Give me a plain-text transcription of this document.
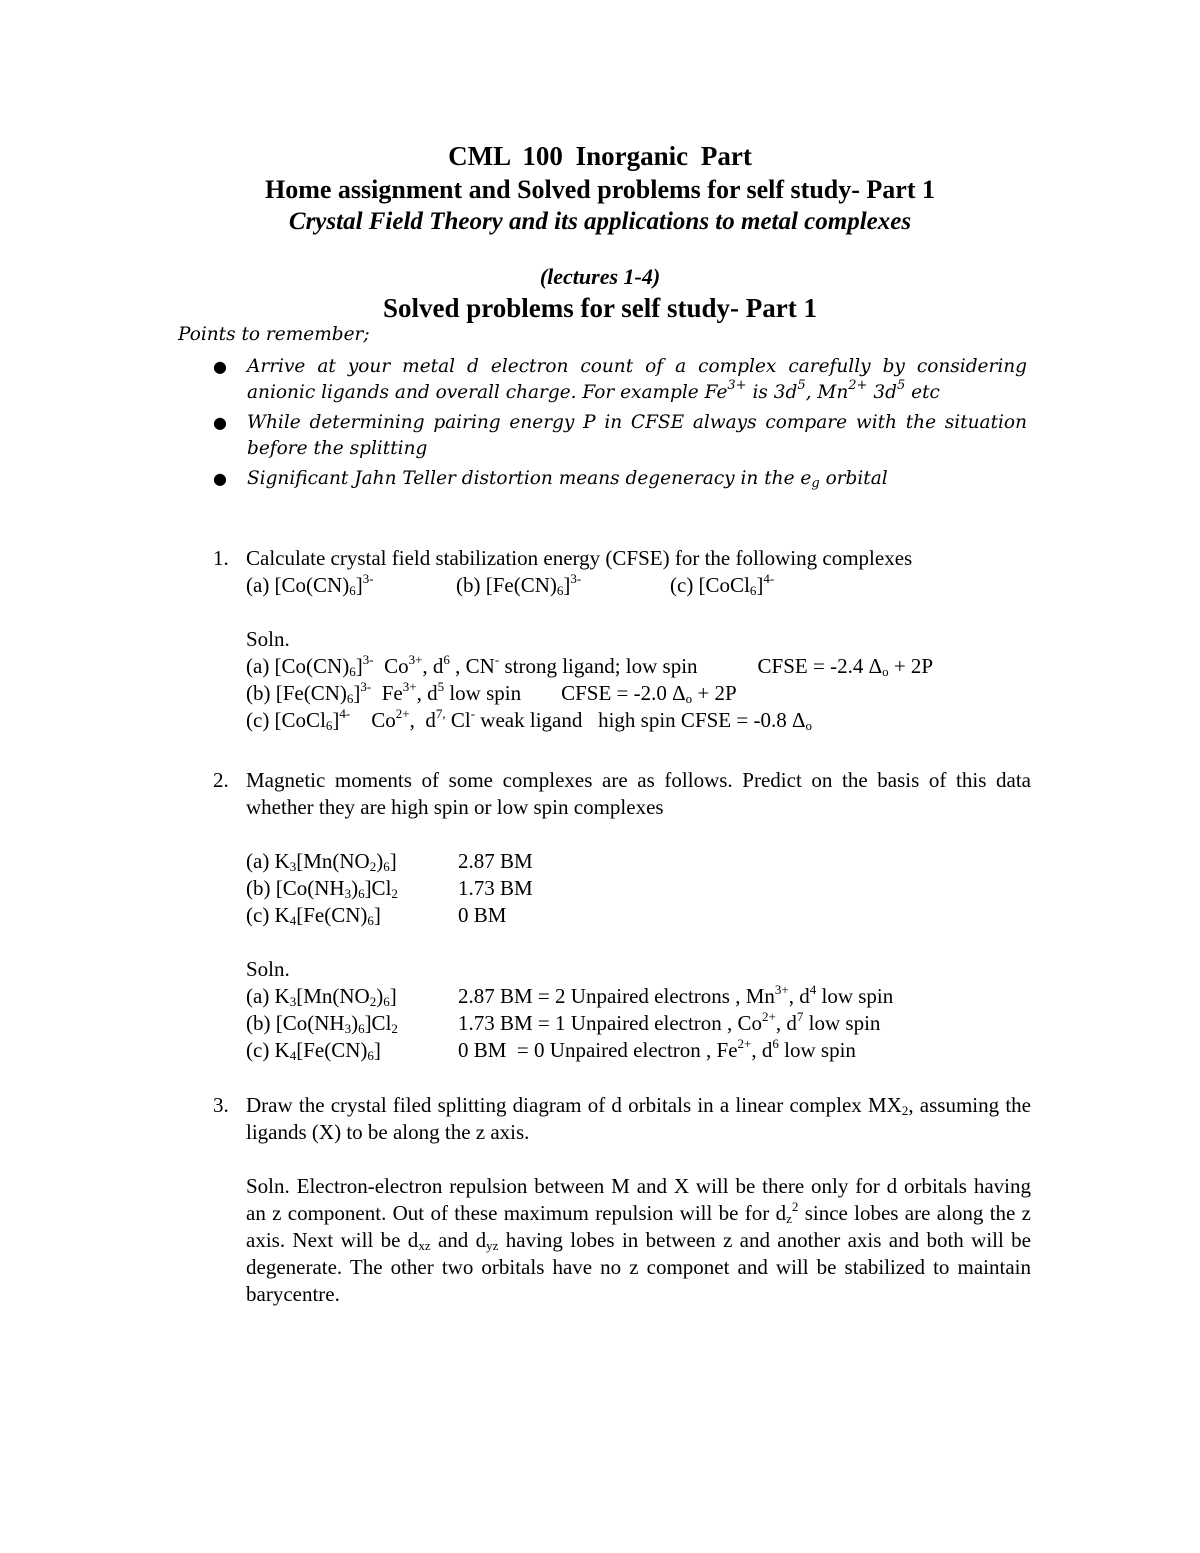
CML 100 Inorganic Part
Home assignment and Solved problems for self study- Part 1
Crystal Field Theory and its applications to metal complexes
(lectures 1-4)
Solved problems for self study- Part 1
Points to remember;
● Arrive at your metal d electron count of a complex carefully by considering anionic ligands and overall charge. For example $Fe^{3+}$ is $3d^5$, $Mn^{2+}$ $3d^5$ etc
● While determining pairing energy P in CFSE always compare with the situation before the splitting
● Significant Jahn Teller distortion means degeneracy in the $e_g$ orbital
1. Calculate crystal field stabilization energy (CFSE) for the following complexes
(a) $[Co(CN)_6]^{3-}$	(b) $[Fe(CN)_6]^{3-}$	(c) [CoCl$_6$]$^{4-}$
Soln.
(a) $[Co(CN)_6]^{3-}$  $Co^{3+}$, $d^6$ , CN- strong ligand; low spin	CFSE = -2.4 $\Delta_o + 2P$
(b) $[Fe(CN)_6]^{3-}$  $Fe^{3+}$, $d^5$ low spin CFSE = -2.0 $\Delta_o + 2P$
(c) [CoCl$_6$]$^{4-}$    $Co^{2+}$,  $d^{7,}$ Cl- weak ligand   high spin CFSE = -0.8 $\Delta_o$
2. Magnetic moments of some complexes are as follows. Predict on the basis of this data whether they are high spin or low spin complexes
(a) $K_3[Mn(NO_2)_6]$	2.87 BM
(b) $[Co(NH_3)_6]Cl_2$	1.73 BM
(c) $K_4[Fe(CN)_6]$	0 BM
Soln.
(a) $K_3[Mn(NO_2)_6]$	2.87 BM = 2 Unpaired electrons , $Mn^{3+}$, $d^4$ low spin
(b) $[Co(NH_3)_6]Cl_2$	1.73 BM = 1 Unpaired electron , $Co^{2+}$, $d^7$ low spin
(c) $K_4[Fe(CN)_6]$	0 BM  = 0 Unpaired electron , $Fe^{2+}$, $d^6$ low spin
3. Draw the crystal filed splitting diagram of d orbitals in a linear complex $MX_2$, assuming the ligands (X) to be along the z axis.
Soln. Electron-electron repulsion between M and X will be there only for d orbitals having an z component. Out of these maximum repulsion will be for $d_z^2$ since lobes are along the z axis. Next will be $d_{xz}$ and $d_{yz}$ having lobes in between z and another axis and both will be degenerate. The other two orbitals have no z componet and will be stabilized to maintain barycentre.
